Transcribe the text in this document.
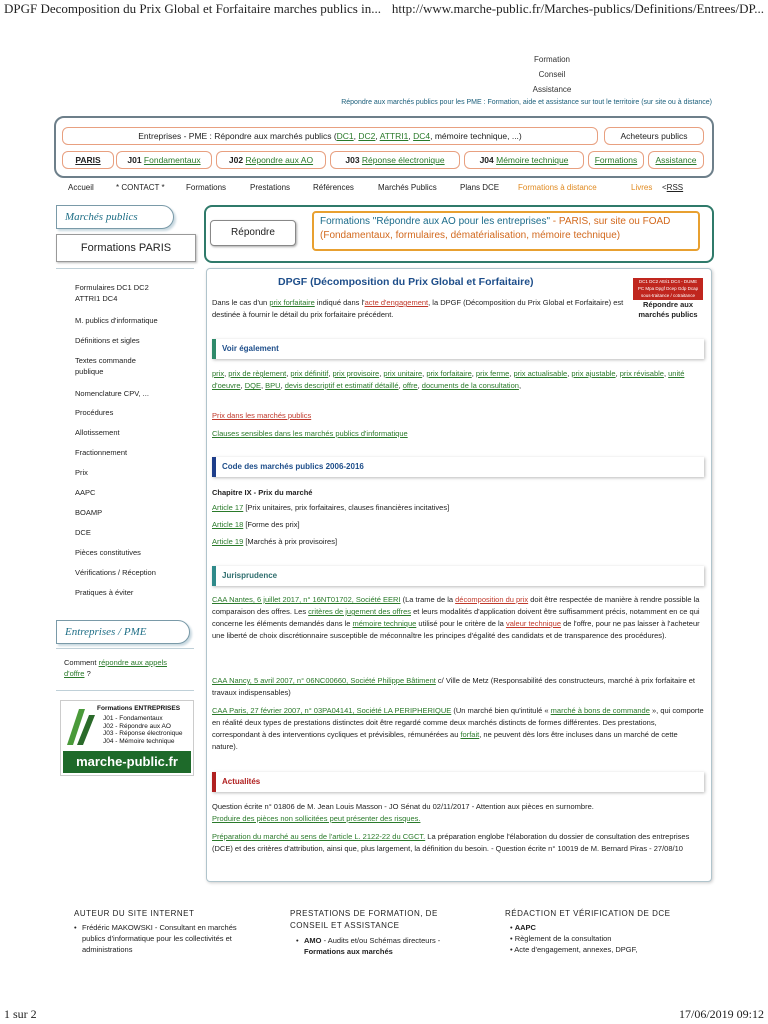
DPGF Decomposition du Prix Global et Forfaitaire marches publics in... http://www.marche-public.fr/Marches-publics/Definitions/Entrees/DP...
Formation
Conseil
Assistance
Répondre aux marchés publics pour les PME : Formation, aide et assistance sur tout le territoire (sur site ou à distance)
Entreprises - PME : Répondre aux marchés publics (DC1, DC2, ATTRI1, DC4, mémoire technique, ...)	Acheteurs publics
PARIS	J01 Fondamentaux	J02 Répondre aux AO	J03 Réponse électronique	J04 Mémoire technique	Formations	Assistance
Accueil	* CONTACT *	Formations	Prestations	Références	Marchés Publics	Plans DCE Formations à distance	Livres <RSS
Marchés publics
Formations PARIS
Formulaires DC1 DC2 ATTRI1 DC4
M. publics d'informatique
Définitions et sigles
Textes commande publique
Nomenclature CPV, ...
Procédures
Allotissement
Fractionnement
Prix
AAPC
BOAMP
DCE
Pièces constitutives
Vérifications / Réception
Pratiques à éviter
Entreprises / PME
Comment répondre aux appels d'offre ?
Formations ENTREPRISES
J01 - Fondamentaux
J02 - Répondre aux AO
J03 - Réponse électronique
J04 - Mémoire technique
marche-public.fr
Répondre
Formations "Répondre aux AO pour les entreprises" - PARIS, sur site ou FOAD (Fondamentaux, formulaires, dématérialisation, mémoire technique)
DPGF (Décomposition du Prix Global et Forfaitaire)	DC1 DC2 Attri1 DC4 - DUME
PC Mpa Dpgf Dcep Gdp Dcap
sous-traitance / cotraitance
Répondre aux marchés publics
Dans le cas d'un prix forfaitaire indiqué dans l'acte d'engagement, la DPGF (Décomposition du Prix Global et Forfaitaire) est destinée à fournir le détail du prix forfaitaire précédent.
Voir également
prix, prix de règlement, prix définitif, prix provisoire, prix unitaire, prix forfaitaire, prix ferme, prix actualisable, prix ajustable, prix révisable, unité d'oeuvre, DQE, BPU, devis descriptif et estimatif détaillé, offre, documents de la consultation,
Prix dans les marchés publics
Clauses sensibles dans les marchés publics d'informatique
Code des marchés publics 2006-2016
Chapitre IX - Prix du marché
Article 17 [Prix unitaires, prix forfaitaires, clauses financières incitatives]
Article 18 [Forme des prix]
Article 19 [Marchés à prix provisoires]
Jurisprudence
CAA Nantes, 6 juillet 2017, n° 16NT01702, Société EERI (La trame de la décomposition du prix doit être respectée de manière à rendre possible la comparaison des offres. Les critères de jugement des offres et leurs modalités d'application doivent être suffisamment précis, notamment en ce qui concerne les éléments demandés dans le mémoire technique utilisé pour le critère de la valeur technique de l'offre, pour ne pas laisser à l'acheteur une liberté de choix discrétionnaire susceptible de méconnaître les principes d'égalité des candidats et de transparence des procédures).
CAA Nancy, 5 avril 2007, n° 06NC00660, Société Philippe Bâtiment c/ Ville de Metz (Responsabilité des constructeurs, marché à prix forfaitaire et travaux indispensables)
CAA Paris, 27 février 2007, n° 03PA04141, Société LA PERIPHERIQUE (Un marché bien qu'intitulé « marché à bons de commande », qui comporte en réalité deux types de prestations distinctes doit être regardé comme deux marchés distincts de formes différentes. Des prestations, correspondant à des interventions cycliques et prévisibles, rémunérées au forfait, ne peuvent dès lors être incluses dans un marché de cette nature).
Actualités
Question écrite n° 01806 de M. Jean Louis Masson - JO Sénat du 02/11/2017 - Attention aux pièces en surnombre.
Produire des pièces non sollicitées peut présenter des risques.
Préparation du marché au sens de l'article L. 2122-22 du CGCT. La préparation englobe l'élaboration du dossier de consultation des entreprises (DCE) et des critères d'attribution, ainsi que, plus largement, la définition du besoin. - Question écrite n° 10019 de M. Bernard Piras - 27/08/10
AUTEUR DU SITE INTERNET
• Frédéric MAKOWSKI - Consultant en marchés publics d'informatique pour les collectivités et administrations
PRESTATIONS DE FORMATION, DE CONSEIL ET ASSISTANCE
• AMO - Audits et/ou Schémas directeurs - Formations aux marchés
RÉDACTION ET VÉRIFICATION DE DCE
• AAPC
• Règlement de la consultation
• Acte d'engagement, annexes, DPGF,
1 sur 2	17/06/2019 09:12
